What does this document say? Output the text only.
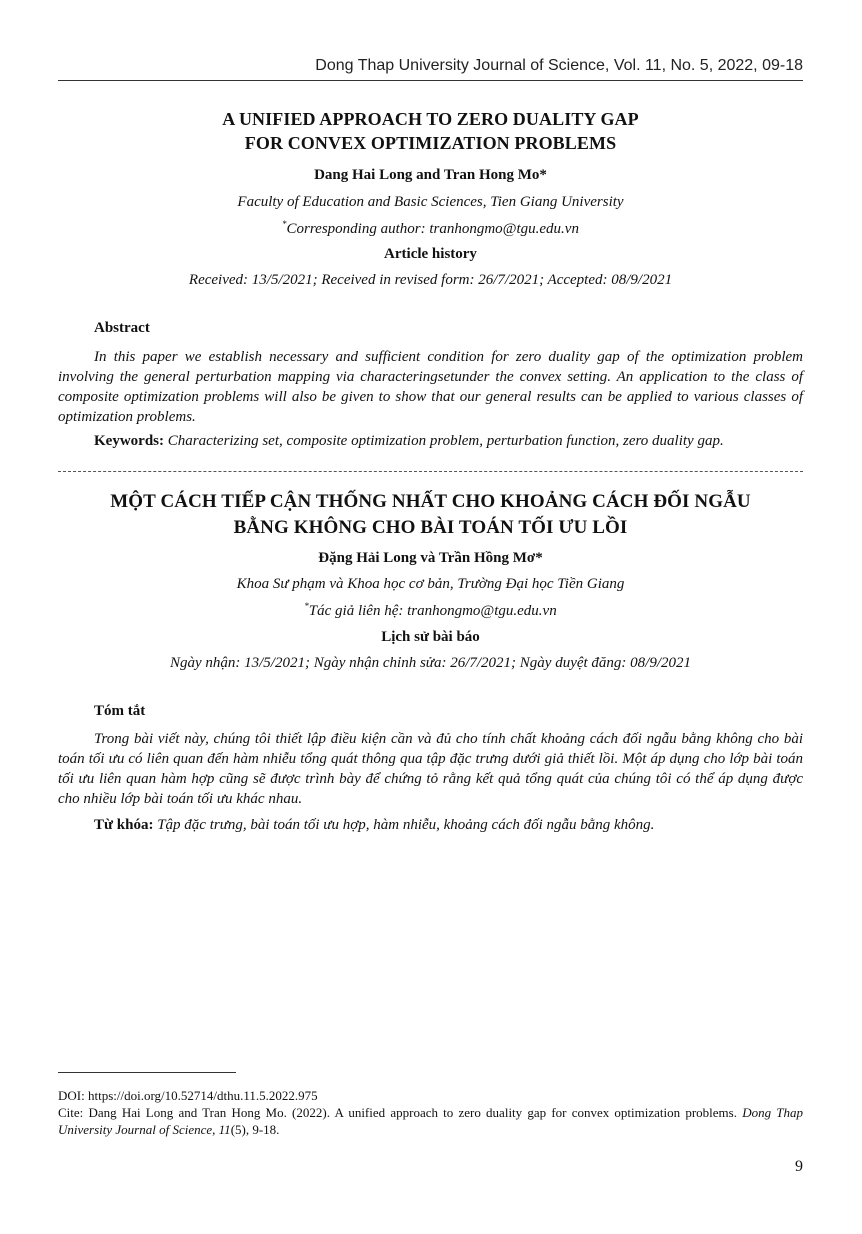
Dong Thap University Journal of Science, Vol. 11, No. 5, 2022, 09-18
A UNIFIED APPROACH TO ZERO DUALITY GAP
FOR CONVEX OPTIMIZATION PROBLEMS
Dang Hai Long and Tran Hong Mo*
Faculty of Education and Basic Sciences, Tien Giang University
*Corresponding author: tranhongmo@tgu.edu.vn
Article history
Received: 13/5/2021; Received in revised form: 26/7/2021; Accepted: 08/9/2021
Abstract
In this paper we establish necessary and sufficient condition for zero duality gap of the optimization problem involving the general perturbation mapping via characteringsetunder the convex setting. An application to the class of composite optimization problems will also be given to show that our general results can be applied to various classes of optimization problems.
Keywords: Characterizing set, composite optimization problem, perturbation function, zero duality gap.
MỘT CÁCH TIẾP CẬN THỐNG NHẤT CHO KHOẢNG CÁCH ĐỐI NGẪU
BẰNG KHÔNG CHO BÀI TOÁN TỐI ƯU LỒI
Đặng Hải Long và Trần Hồng Mơ*
Khoa Sư phạm và Khoa học cơ bản, Trường Đại học Tiền Giang
*Tác giả liên hệ: tranhongmo@tgu.edu.vn
Lịch sử bài báo
Ngày nhận: 13/5/2021; Ngày nhận chỉnh sửa: 26/7/2021; Ngày duyệt đăng: 08/9/2021
Tóm tắt
Trong bài viết này, chúng tôi thiết lập điều kiện cần và đủ cho tính chất khoảng cách đối ngẫu bằng không cho bài toán tối ưu có liên quan đến hàm nhiễu tổng quát thông qua tập đặc trưng dưới giả thiết lồi. Một áp dụng cho lớp bài toán tối ưu liên quan hàm hợp cũng sẽ được trình bày để chứng tỏ rằng kết quả tổng quát của chúng tôi có thể áp dụng được cho nhiều lớp bài toán tối ưu khác nhau.
Từ khóa: Tập đặc trưng, bài toán tối ưu hợp, hàm nhiễu, khoảng cách đối ngẫu bằng không.
DOI: https://doi.org/10.52714/dthu.11.5.2022.975
Cite: Dang Hai Long and Tran Hong Mo. (2022). A unified approach to zero duality gap for convex optimization problems. Dong Thap University Journal of Science, 11(5), 9-18.
9
